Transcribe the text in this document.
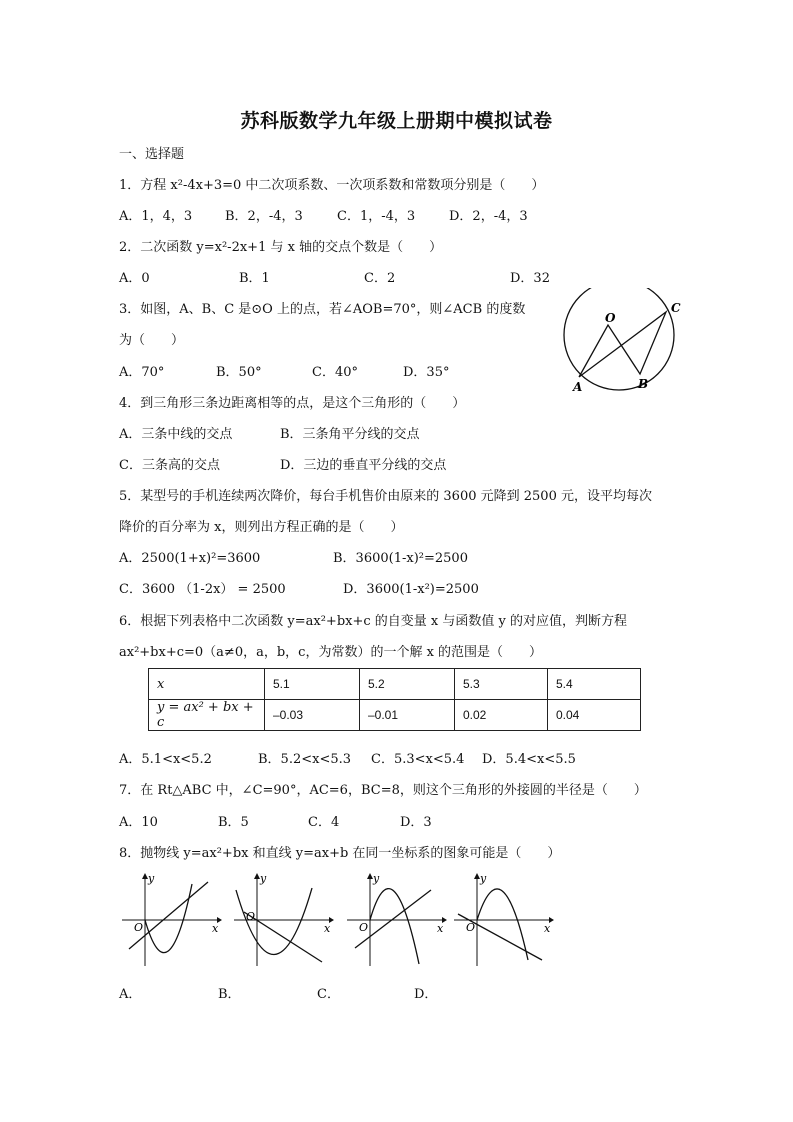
苏科版数学九年级上册期中模拟试卷
一、选择题
1．方程 x²-4x+3=0 中二次项系数、一次项系数和常数项分别是（　　）
A．1，4，3	B．2，-4，3	C．1，-4，3	D．2，-4，3
2．二次函数 y=x²-2x+1 与 x 轴的交点个数是（　　）
A．0	B．1	C．2	D．32
3．如图，A、B、C 是⊙O 上的点，若∠AOB=70°，则∠ACB 的度数
为（　　）
A．70°	B．50°	C．40°	D．35°
O
C
A	B
4．到三角形三条边距离相等的点，是这个三角形的（　　）
A．三条中线的交点	B．三条角平分线的交点
C．三条高的交点	D．三边的垂直平分线的交点
5．某型号的手机连续两次降价，每台手机售价由原来的 3600 元降到 2500 元，设平均每次
降价的百分率为 x，则列出方程正确的是（　　）
A．2500(1+x)²=3600	B．3600(1-x)²=2500
C．3600 （1-2x） = 2500	D．3600(1-x²)=2500
6．根据下列表格中二次函数 y=ax²+bx+c 的自变量 x 与函数值 y 的对应值，判断方程
ax²+bx+c=0（a≠0，a，b，c，为常数）的一个解 x 的范围是（　　）
x	5.1	5.2	5.3	5.4
y = ax² + bx + c	–0.03	–0.01	0.02	0.04
A．5.1<x<5.2	B．5.2<x<5.3 C．5.3<x<5.4 D．5.4<x<5.5
7．在 Rt△ABC 中，∠C=90°，AC=6，BC=8，则这个三角形的外接圆的半径是（　　）
A．10	B．5	C．4	D．3
8．抛物线 y=ax²+bx 和直线 y=ax+b 在同一坐标系的图象可能是（　　）
y
x
O
y
x
O
y
x
O
y
x
O
A．	B．	C．	D．
